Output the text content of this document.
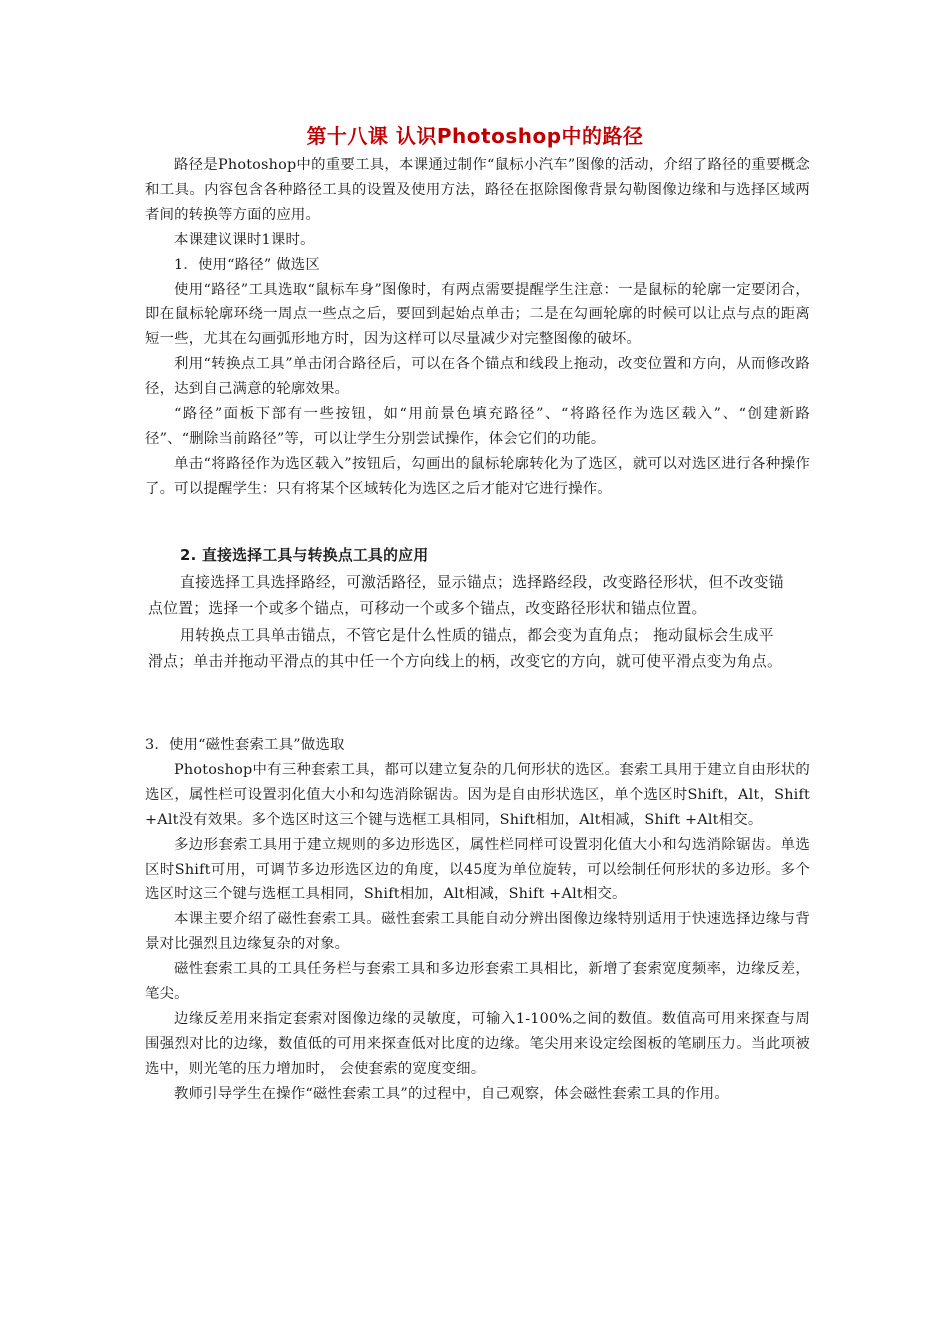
第十八课 认识Photoshop中的路径

路径是Photoshop中的重要工具，本课通过制作“鼠标小汽车”图像的活动，介绍了路径的重要概念和工具。内容包含各种路径工具的设置及使用方法，路径在抠除图像背景勾勒图像边缘和与选择区域两者间的转换等方面的应用。

本课建议课时1课时。

1．使用“路径” 做选区

使用“路径”工具选取“鼠标车身”图像时，有两点需要提醒学生注意：一是鼠标的轮廓一定要闭合，即在鼠标轮廓环绕一周点一些点之后，要回到起始点单击；二是在勾画轮廓的时候可以让点与点的距离短一些，尤其在勾画弧形地方时，因为这样可以尽量减少对完整图像的破坏。

利用“转换点工具”单击闭合路径后，可以在各个锚点和线段上拖动，改变位置和方向，从而修改路径，达到自己满意的轮廓效果。

“路径”面板下部有一些按钮，如“用前景色填充路径”、“将路径作为选区载入”、“创建新路径”、“删除当前路径”等，可以让学生分别尝试操作，体会它们的功能。

单击“将路径作为选区载入”按钮后，勾画出的鼠标轮廓转化为了选区，就可以对选区进行各种操作了。可以提醒学生：只有将某个区域转化为选区之后才能对它进行操作。

2. 直接选择工具与转换点工具的应用

直接选择工具选择路经，可激活路径，显示锚点；选择路经段，改变路径形状，但不改变锚点位置；选择一个或多个锚点，可移动一个或多个锚点，改变路径形状和锚点位置。

用转换点工具单击锚点，不管它是什么性质的锚点，都会变为直角点； 拖动鼠标会生成平滑点；单击并拖动平滑点的其中任一个方向线上的柄，改变它的方向，就可使平滑点变为角点。

3．使用“磁性套索工具”做选取

Photoshop中有三种套索工具，都可以建立复杂的几何形状的选区。套索工具用于建立自由形状的选区，属性栏可设置羽化值大小和勾选消除锯齿。因为是自由形状选区，单个选区时Shift，Alt，Shift +Alt没有效果。多个选区时这三个键与选框工具相同，Shift相加，Alt相减，Shift +Alt相交。

多边形套索工具用于建立规则的多边形选区，属性栏同样可设置羽化值大小和勾选消除锯齿。单选区时Shift可用，可调节多边形选区边的角度，以45度为单位旋转，可以绘制任何形状的多边形。多个选区时这三个键与选框工具相同，Shift相加，Alt相减，Shift +Alt相交。

本课主要介绍了磁性套索工具。磁性套索工具能自动分辨出图像边缘特别适用于快速选择边缘与背景对比强烈且边缘复杂的对象。

磁性套索工具的工具任务栏与套索工具和多边形套索工具相比，新增了套索宽度频率，边缘反差，笔尖。

边缘反差用来指定套索对图像边缘的灵敏度，可输入1-100%之间的数值。数值高可用来探查与周围强烈对比的边缘，数值低的可用来探查低对比度的边缘。笔尖用来设定绘图板的笔刷压力。当此项被选中，则光笔的压力增加时， 会使套索的宽度变细。

教师引导学生在操作“磁性套索工具”的过程中，自己观察，体会磁性套索工具的作用。
